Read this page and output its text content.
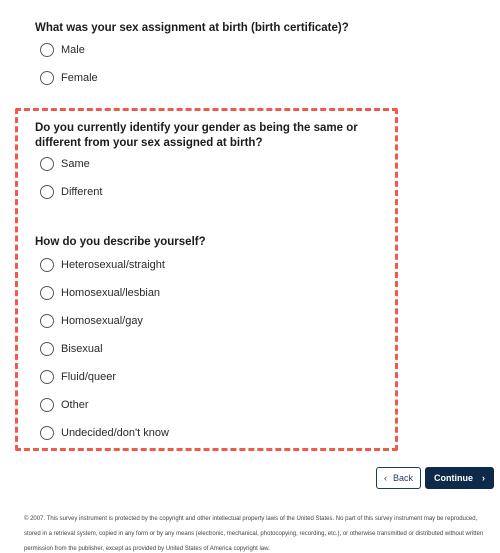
What was your sex assignment at birth (birth certificate)?
Male
Female
Do you currently identify your gender as being the same or different from your sex assigned at birth?
Same
Different
How do you describe yourself?
Heterosexual/straight
Homosexual/lesbian
Homosexual/gay
Bisexual
Fluid/queer
Other
Undecided/don't know
‹ Back Continue ›
© 2007. This survey instrument is protected by the copyright and other intellectual property laws of the United States. No part of this survey instrument may be reproduced, stored in a retrieval system, copied in any form or by any means (electronic, mechanical, photocopying, recording, etc.), or otherwise transmitted or distributed without written permission from the publisher, except as provided by United States of America copyright law.
